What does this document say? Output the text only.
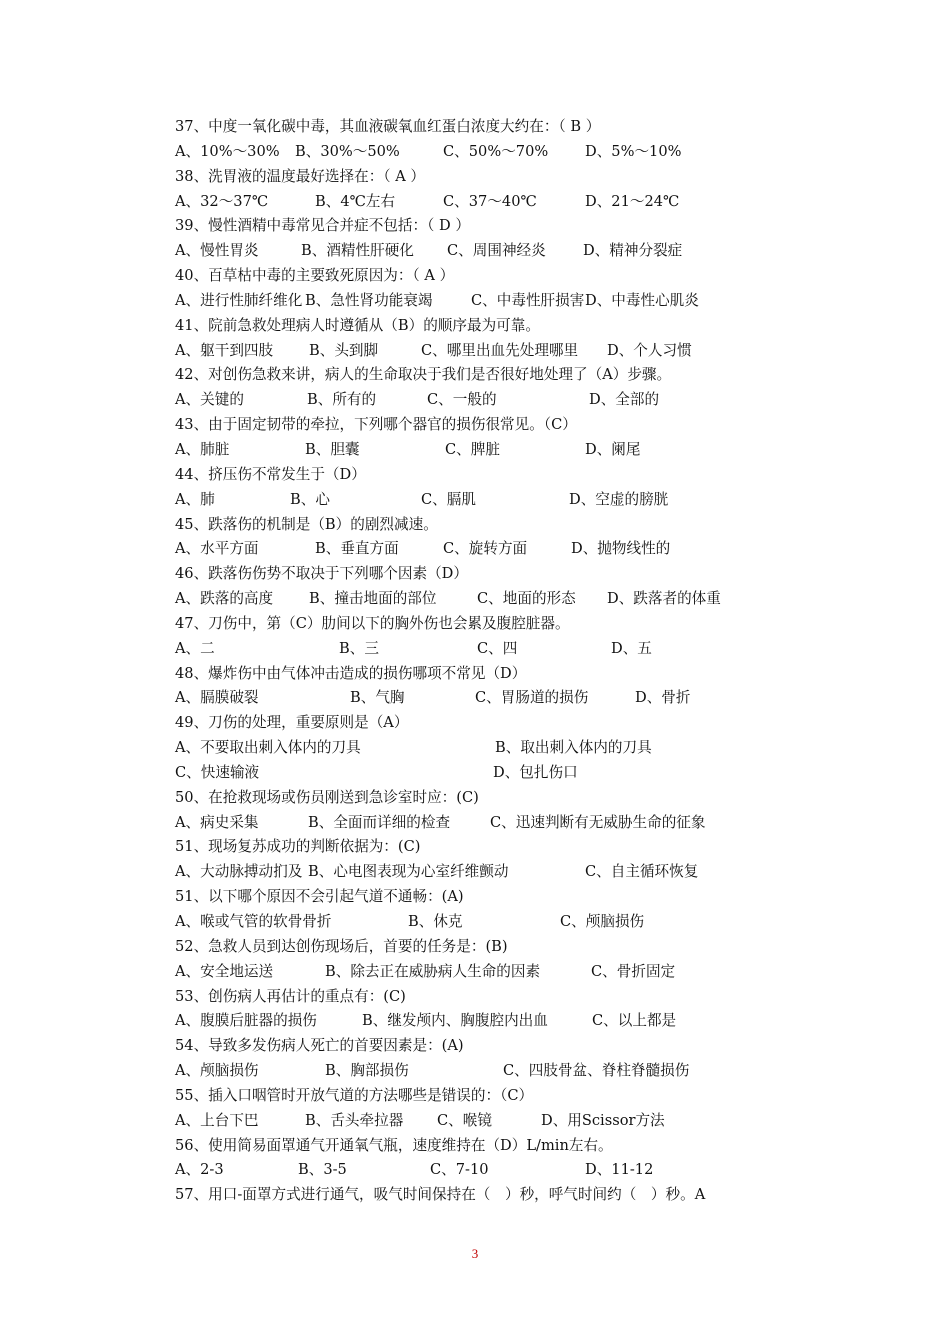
37、中度一氧化碳中毒，其血液碳氧血红蛋白浓度大约在：（ B ）
A、10%～30% B、30%～50%	C、50%～70%	D、5%～10%
38、洗胃液的温度最好选择在：（ A ）
A、32～37℃	B、4℃左右	C、37～40℃	D、21～24℃
39、慢性酒精中毒常见合并症不包括：（ D ）
A、慢性胃炎	B、酒精性肝硬化 C、周围神经炎	D、精神分裂症
40、百草枯中毒的主要致死原因为：（ A ）
A、进行性肺纤维化 B、急性肾功能衰竭	C、中毒性肝损害 D、中毒性心肌炎
41、院前急救处理病人时遵循从（B）的顺序最为可靠。
A、躯干到四肢 B、头到脚	C、哪里出血先处理哪里 D、个人习惯
42、对创伤急救来讲，病人的生命取决于我们是否很好地处理了（A）步骤。
A、关键的	B、所有的	C、一般的	D、全部的
43、由于固定韧带的牵拉，下列哪个器官的损伤很常见。（C）
A、肺脏	B、胆囊	C、脾脏	D、阑尾
44、挤压伤不常发生于（D）
A、肺	B、心	C、膈肌	D、空虚的膀胱
45、跌落伤的机制是（B）的剧烈减速。
A、水平方面	B、垂直方面	C、旋转方面	D、抛物线性的
46、跌落伤伤势不取决于下列哪个因素（D）
A、跌落的高度 B、撞击地面的部位	C、地面的形态 D、跌落者的体重
47、刀伤中，第（C）肋间以下的胸外伤也会累及腹腔脏器。
A、二	B、三	C、四	D、五
48、爆炸伤中由气体冲击造成的损伤哪项不常见（D）
A、膈膜破裂	B、气胸	C、胃肠道的损伤	D、骨折
49、刀伤的处理，重要原则是（A）
A、不要取出刺入体内的刀具	B、取出刺入体内的刀具
C、快速输液	D、包扎伤口
50、在抢救现场或伤员刚送到急诊室时应：(C)
A、病史采集	B、全面而详细的检查	C、迅速判断有无威胁生命的征象
51、现场复苏成功的判断依据为：(C)
A、大动脉搏动扪及 B、心电图表现为心室纤维颤动	C、自主循环恢复
51、以下哪个原因不会引起气道不通畅：(A)
A、喉或气管的软骨骨折	B、休克	C、颅脑损伤
52、急救人员到达创伤现场后，首要的任务是：(B)
A、安全地运送	B、除去正在威胁病人生命的因素	C、骨折固定
53、创伤病人再估计的重点有：(C)
A、腹膜后脏器的损伤	B、继发颅内、胸腹腔内出血	C、以上都是
54、导致多发伤病人死亡的首要因素是：(A)
A、颅脑损伤	B、胸部损伤	C、四肢骨盆、脊柱脊髓损伤
55、插入口咽管时开放气道的方法哪些是错误的：（C）
A、上台下巴	B、舌头牵拉器 C、喉镜	D、用Scissor方法
56、使用简易面罩通气开通氧气瓶，速度维持在（D）L/min左右。
A、2-3	B、3-5	C、7-10	D、11-12
57、用口-面罩方式进行通气，吸气时间保持在（　）秒，呼气时间约（　）秒。A
3
